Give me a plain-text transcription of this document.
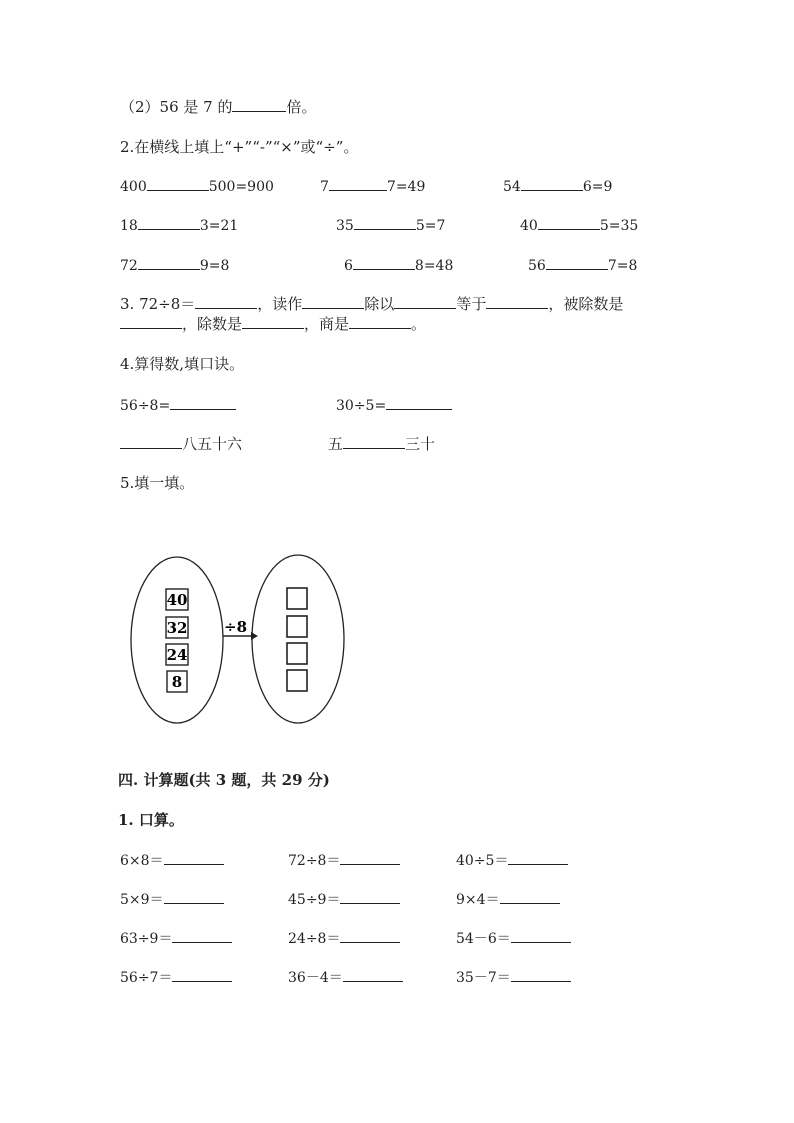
（2）56 是 7 的	倍。
2.在横线上填上“+”“-”“×”或“÷”。
400	500=900	7	7=49	54	6=9
18	3=21	35	5=7	40	5=35
72	9=8	6	8=48	56	7=8
3. 72÷8＝	，读作	除以	等于	，被除数是
，除数是	，商是	。
4.算得数,填口诀。
56÷8=	30÷5=
八五十六	五	三十
5.填一填。
40
32
24
8
÷8
四. 计算题(共 3 题，共 29 分)
1. 口算。
6×8＝	72÷8＝	40÷5＝
5×9＝	45÷9＝	9×4＝
63÷9＝	24÷8＝	54－6＝
56÷7＝	36－4＝	35－7＝
